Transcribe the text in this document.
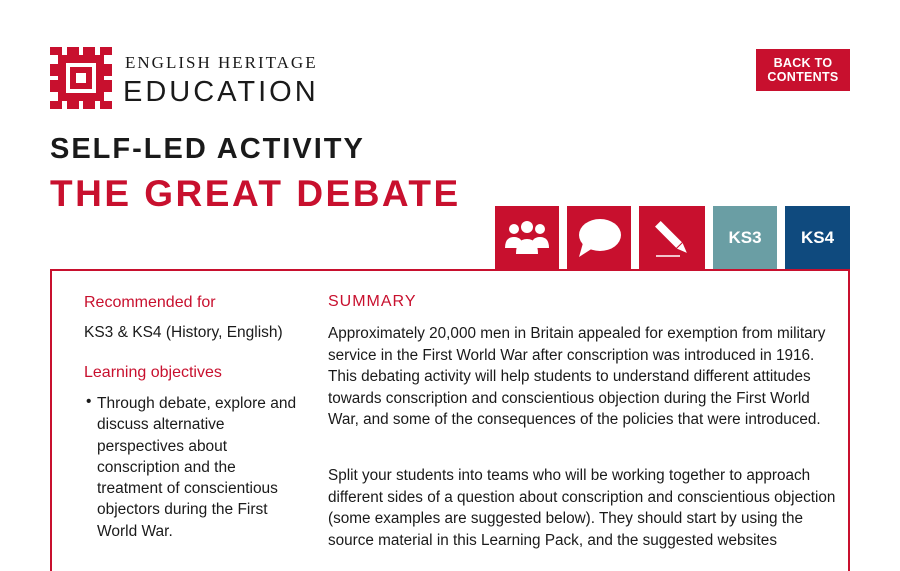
ENGLISH HERITAGE
EDUCATION
BACK TO
CONTENTS
SELF-LED ACTIVITY
THE GREAT DEBATE
KS3 KS4
Recommended for
KS3 & KS4 (History, English)
Learning objectives
• Through debate, explore and discuss alternative perspectives about conscription and the treatment of conscientious objectors during the First World War.
SUMMARY
Approximately 20,000 men in Britain appealed for exemption from military service in the First World War after conscription was introduced in 1916. This debating activity will help students to understand different attitudes towards conscription and conscientious objection during the First World War, and some of the consequences of the policies that were introduced.
Split your students into teams who will be working together to approach different sides of a question about conscription and conscientious objection (some examples are suggested below). They should start by using the source material in this Learning Pack, and the suggested websites
